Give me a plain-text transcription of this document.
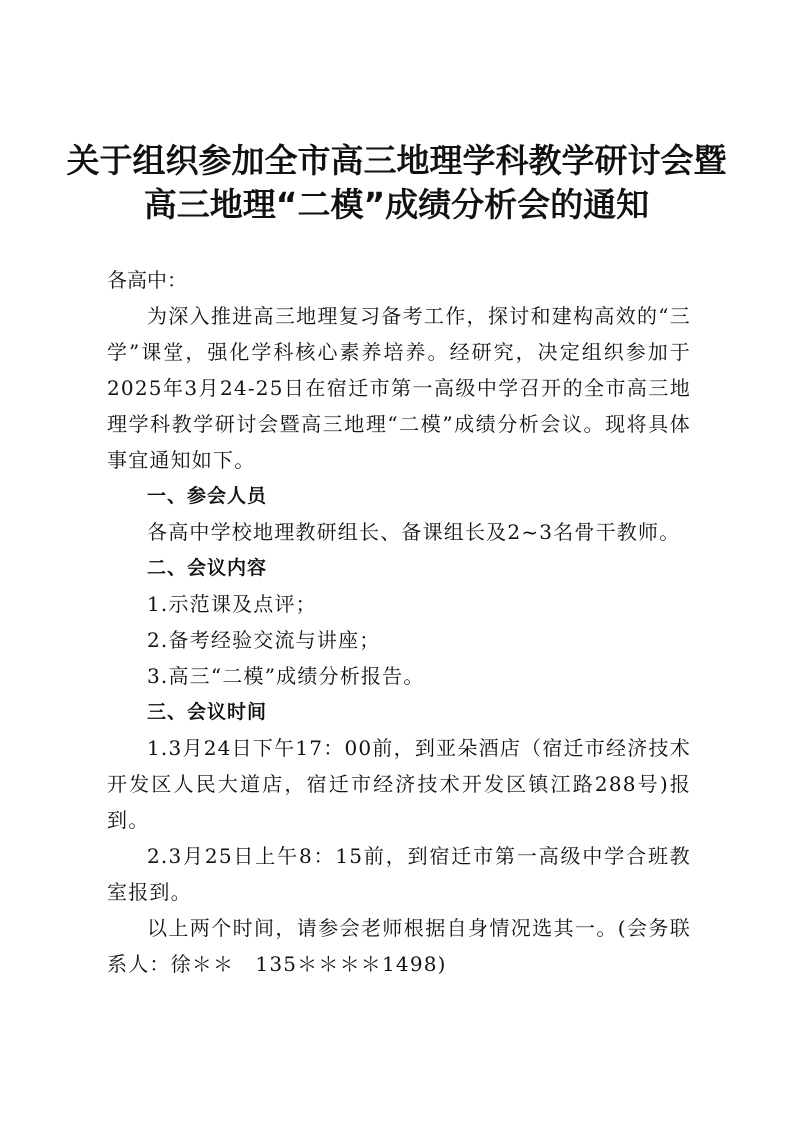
关于组织参加全市高三地理学科教学研讨会暨
高三地理“二模”成绩分析会的通知

各高中：

为深入推进高三地理复习备考工作，探讨和建构高效的“三学”课堂，强化学科核心素养培养。经研究，决定组织参加于2025年3月24-25日在宿迁市第一高级中学召开的全市高三地理学科教学研讨会暨高三地理“二模”成绩分析会议。现将具体事宜通知如下。

一、参会人员

各高中学校地理教研组长、备课组长及2~3名骨干教师。

二、会议内容

1.示范课及点评；

2.备考经验交流与讲座；

3.高三“二模”成绩分析报告。

三、会议时间

1.3月24日下午17：00前，到亚朵酒店（宿迁市经济技术开发区人民大道店，宿迁市经济技术开发区镇江路288号)报到。

2.3月25日上午8：15前，到宿迁市第一高级中学合班教室报到。

以上两个时间，请参会老师根据自身情况选其一。(会务联系人：徐＊＊　135＊＊＊＊1498)
